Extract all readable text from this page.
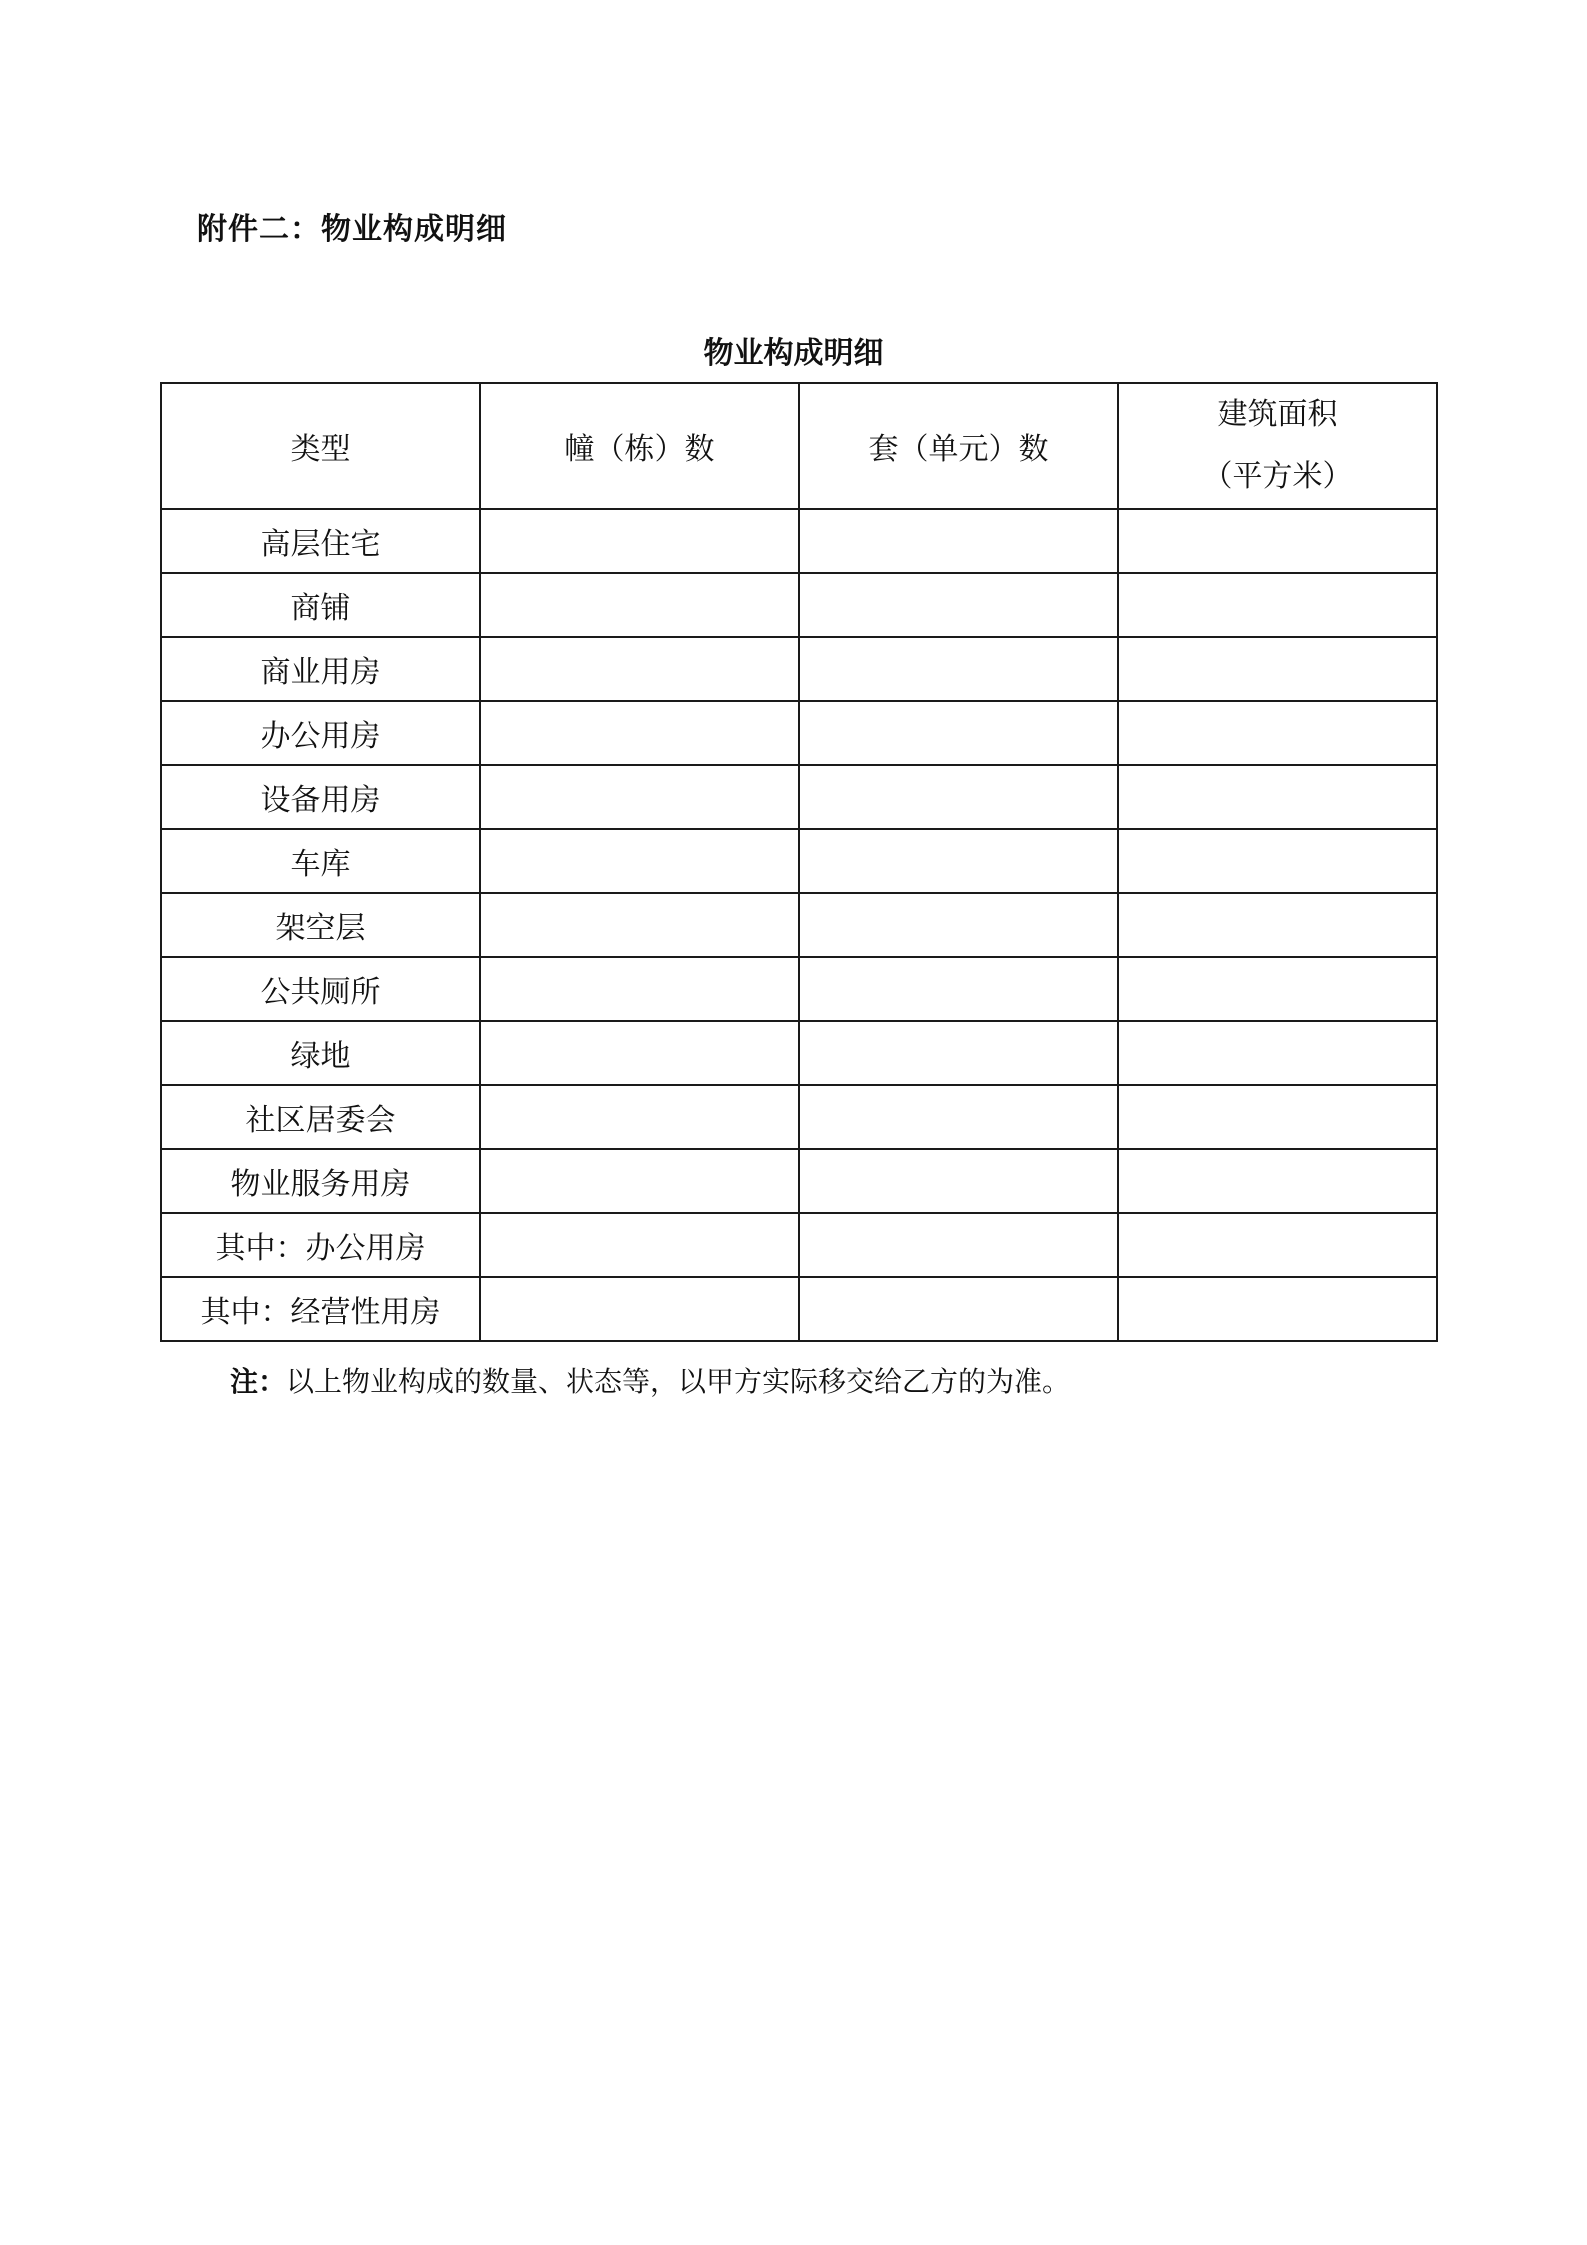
附件二：物业构成明细
物业构成明细
类型	幢（栋）数	套（单元）数	建筑面积
（平方米）

高层住宅			
商铺			
商业用房			
办公用房			
设备用房			
车库			
架空层			
公共厕所			
绿地			
社区居委会			
物业服务用房			
其中：办公用房			
其中：经营性用房			

注：以上物业构成的数量、状态等，以甲方实际移交给乙方的为准。
